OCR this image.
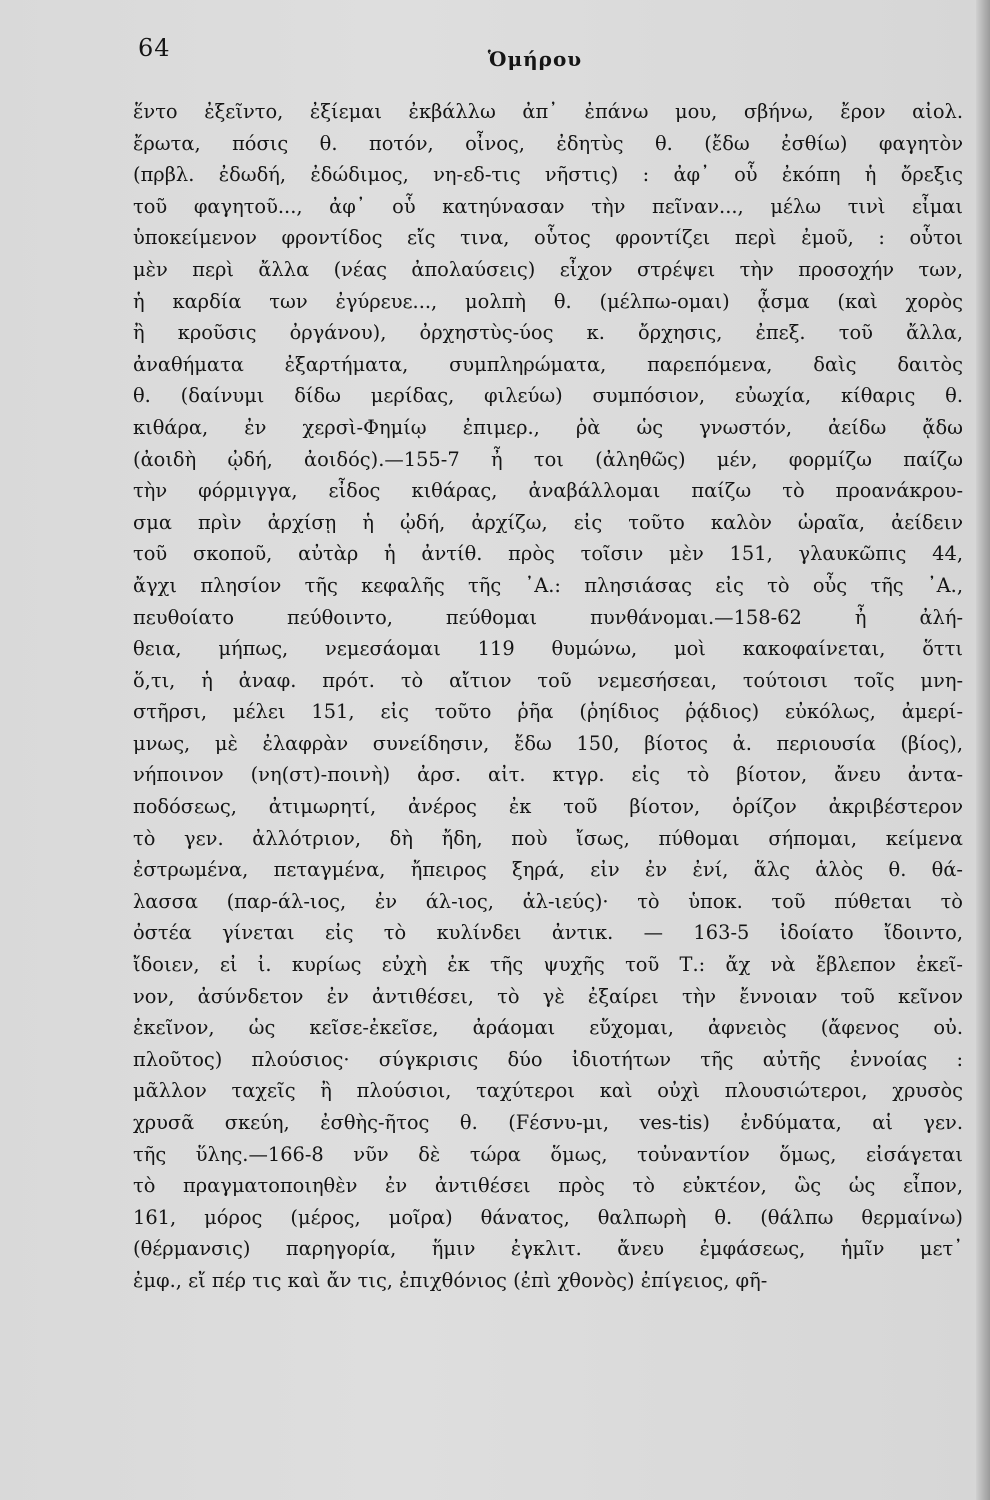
64	Ὁμήρου
ἕντο ἐξεῖντο, ἐξίεμαι ἐκβάλλω ἀπ᾽ ἐπάνω μου, σβήνω, ἔρον αἰολ.
ἔρωτα, πόσις θ. ποτόν, οἶνος, ἐδητὺς θ. (ἔδω ἐσθίω) φαγητὸν
(πρβλ. ἐδωδή, ἐδώδιμος, νη-εδ-τις νῆστις) : ἀφ᾽ οὗ ἐκόπη ἡ ὄρεξις
τοῦ φαγητοῦ..., ἀφ᾽ οὗ κατηύνασαν τὴν πεῖναν..., μέλω τινὶ εἶμαι
ὑποκείμενον φροντίδος εἴς τινα, οὗτος φροντίζει περὶ ἐμοῦ, : οὗτοι
μὲν περὶ ἄλλα (νέας ἀπολαύσεις) εἶχον στρέψει τὴν προσοχήν των,
ἡ καρδία των ἐγύρευε..., μολπὴ θ. (μέλπω-ομαι) ᾆσμα (καὶ χορὸς
ἢ κροῦσις ὀργάνου), ὀρχηστὺς-ύος κ. ὄρχησις, ἐπεξ. τοῦ ἄλλα,
ἀναθήματα ἐξαρτήματα, συμπληρώματα, παρεπόμενα, δαὶς δαιτὸς
θ. (δαίνυμι δίδω μερίδας, φιλεύω) συμπόσιον, εὐωχία, κίθαρις θ.
κιθάρα, ἐν χερσὶ-Φημίῳ ἐπιμερ., ῥὰ ὡς γνωστόν, ἀείδω ᾄδω
(ἀοιδὴ ᾠδή, ἀοιδός).—155-7 ἦ τοι (ἀληθῶς) μέν, φορμίζω παίζω
τὴν φόρμιγγα, εἶδος κιθάρας, ἀναβάλλομαι παίζω τὸ προανάκρου-
σμα πρὶν ἀρχίσῃ ἡ ᾠδή, ἀρχίζω, εἰς τοῦτο καλὸν ὡραῖα, ἀείδειν
τοῦ σκοποῦ, αὐτὰρ ἡ ἀντίθ. πρὸς τοῖσιν μὲν 151, γλαυκῶπις 44,
ἄγχι πλησίον τῆς κεφαλῆς τῆς ᾿Α.: πλησιάσας εἰς τὸ οὖς τῆς ᾿Α.,
πευθοίατο πεύθοιντο, πεύθομαι πυνθάνομαι.—158-62 ἦ ἀλή-
θεια, μήπως, νεμεσάομαι 119 θυμώνω, μοὶ κακοφαίνεται, ὅττι
ὅ,τι, ἡ ἀναφ. πρότ. τὸ αἴτιον τοῦ νεμεσήσεαι, τούτοισι τοῖς μνη-
στῆρσι, μέλει 151, εἰς τοῦτο ῥῆα (ῥηίδιος ῥᾴδιος) εὐκόλως, ἀμερί-
μνως, μὲ ἐλαφρὰν συνείδησιν, ἔδω 150, βίοτος ἀ. περιουσία (βίος),
νήποινον (νη(στ)-ποινὴ) ἀρσ. αἰτ. κτγρ. εἰς τὸ βίοτον, ἄνευ ἀντα-
ποδόσεως, ἀτιμωρητί, ἀνέρος ἐκ τοῦ βίοτον, ὁρίζον ἀκριβέστερον
τὸ γεν. ἀλλότριον, δὴ ἤδη, ποὺ ἴσως, πύθομαι σήπομαι, κείμενα
ἐστρωμένα, πεταγμένα, ἤπειρος ξηρά, εἰν ἐν ἐνί, ἅλς ἁλὸς θ. θά-
λασσα (παρ-άλ-ιος, ἐν άλ-ιος, ἁλ-ιεύς)· τὸ ὑποκ. τοῦ πύθεται τὸ
ὀστέα γίνεται εἰς τὸ κυλίνδει ἀντικ. — 163-5 ἰδοίατο ἴδοιντο,
ἴδοιεν, εἰ ἰ. κυρίως εὐχὴ ἐκ τῆς ψυχῆς τοῦ Τ.: ἄχ νὰ ἔβλεπον ἐκεῖ-
νον, ἀσύνδετον ἐν ἀντιθέσει, τὸ γὲ ἐξαίρει τὴν ἔννοιαν τοῦ κεῖνον
ἐκεῖνον, ὡς κεῖσε-ἐκεῖσε, ἀράομαι εὔχομαι, ἀφνειὸς (ἄφενος οὐ.
πλοῦτος) πλούσιος· σύγκρισις δύο ἰδιοτήτων τῆς αὐτῆς ἐννοίας :
μᾶλλον ταχεῖς ἢ πλούσιοι, ταχύτεροι καὶ οὐχὶ πλουσιώτεροι, χρυσὸς
χρυσᾶ σκεύη, ἐσθὴς-ῆτος θ. (Fέσνυ-μι, ves-tis) ἐνδύματα, αἱ γεν.
τῆς ὕλης.—166-8 νῦν δὲ τώρα ὅμως, τοὐναντίον ὅμως, εἰσάγεται
τὸ πραγματοποιηθὲν ἐν ἀντιθέσει πρὸς τὸ εὐκτέον, ὣς ὡς εἶπον,
161, μόρος (μέρος, μοῖρα) θάνατος, θαλπωρὴ θ. (θάλπω θερμαίνω)
(θέρμανσις) παρηγορία, ἥμιν ἐγκλιτ. ἄνευ ἐμφάσεως, ἡμῖν μετ᾽
ἐμφ., εἴ πέρ τις καὶ ἄν τις, ἐπιχθόνιος (ἐπὶ χθονὸς) ἐπίγειος, φῆ-
